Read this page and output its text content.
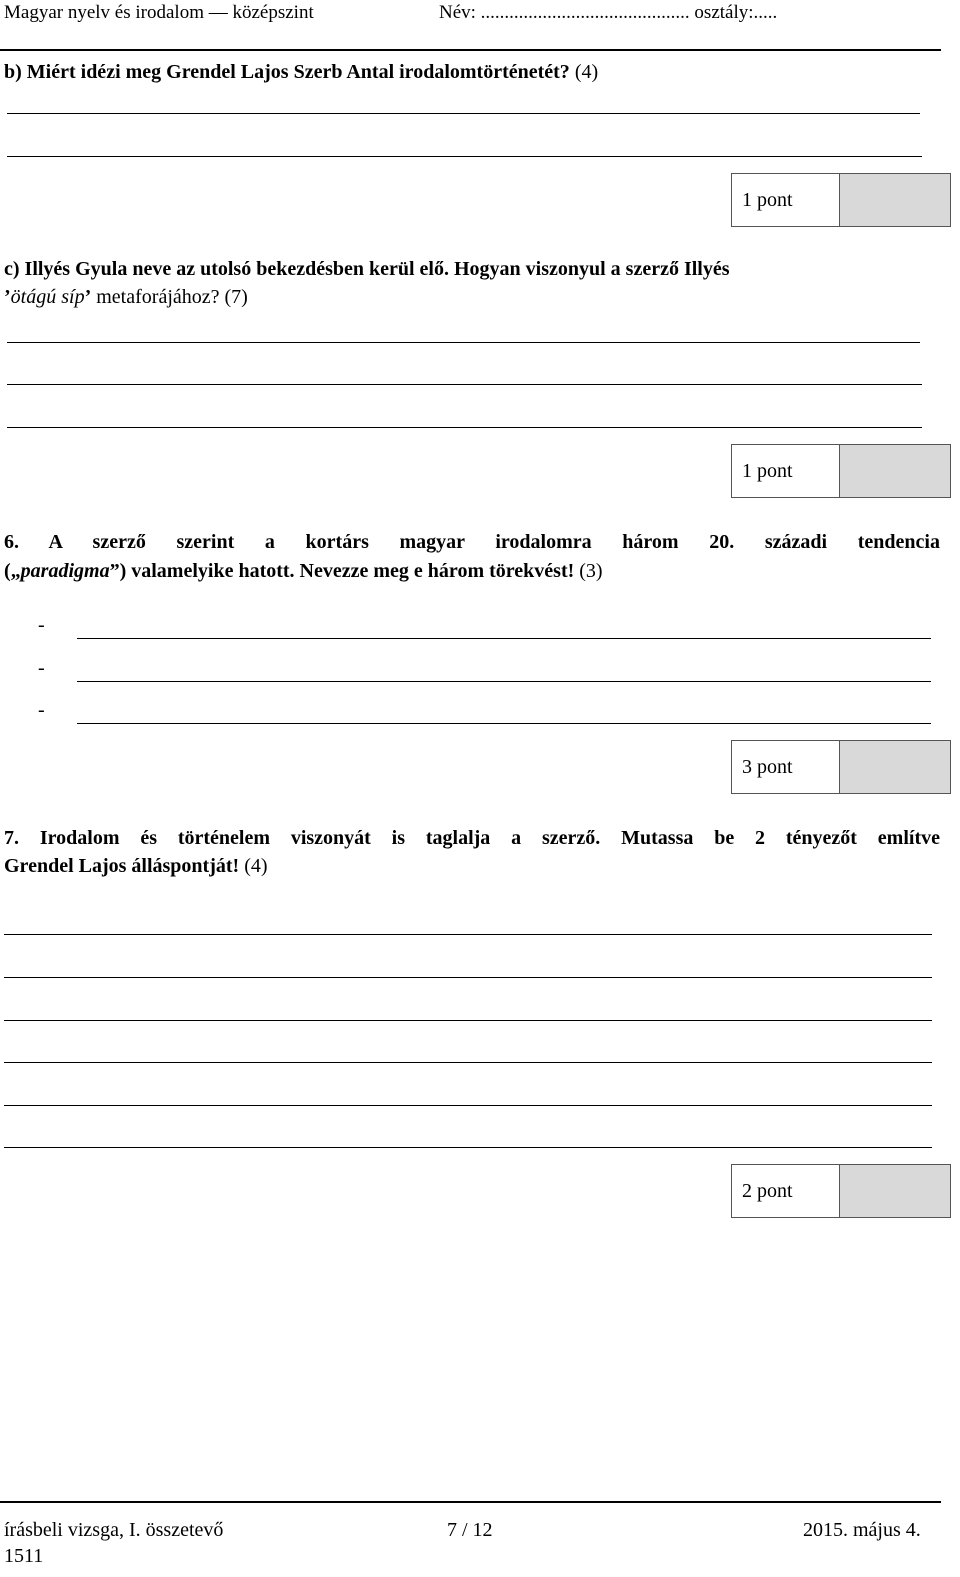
Magyar nyelv és irodalom — középszint	Név: ............................................ osztály:.....
b) Miért idézi meg Grendel Lajos Szerb Antal irodalomtörténetét? (4)
1 pont
c) Illyés Gyula neve az utolsó bekezdésben kerül elő. Hogyan viszonyul a szerző Illyés
’ötágú síp’ metaforájához? (7)
1 pont
6. A szerző szerint a kortárs magyar irodalomra három 20. századi tendencia
(„paradigma”) valamelyike hatott. Nevezze meg e három törekvést! (3)
-
-
-
3 pont
7. Irodalom és történelem viszonyát is taglalja a szerző. Mutassa be 2 tényezőt említve
Grendel Lajos álláspontját! (4)
2 pont
írásbeli vizsga, I. összetevő	7 / 12	2015. május 4.
1511
